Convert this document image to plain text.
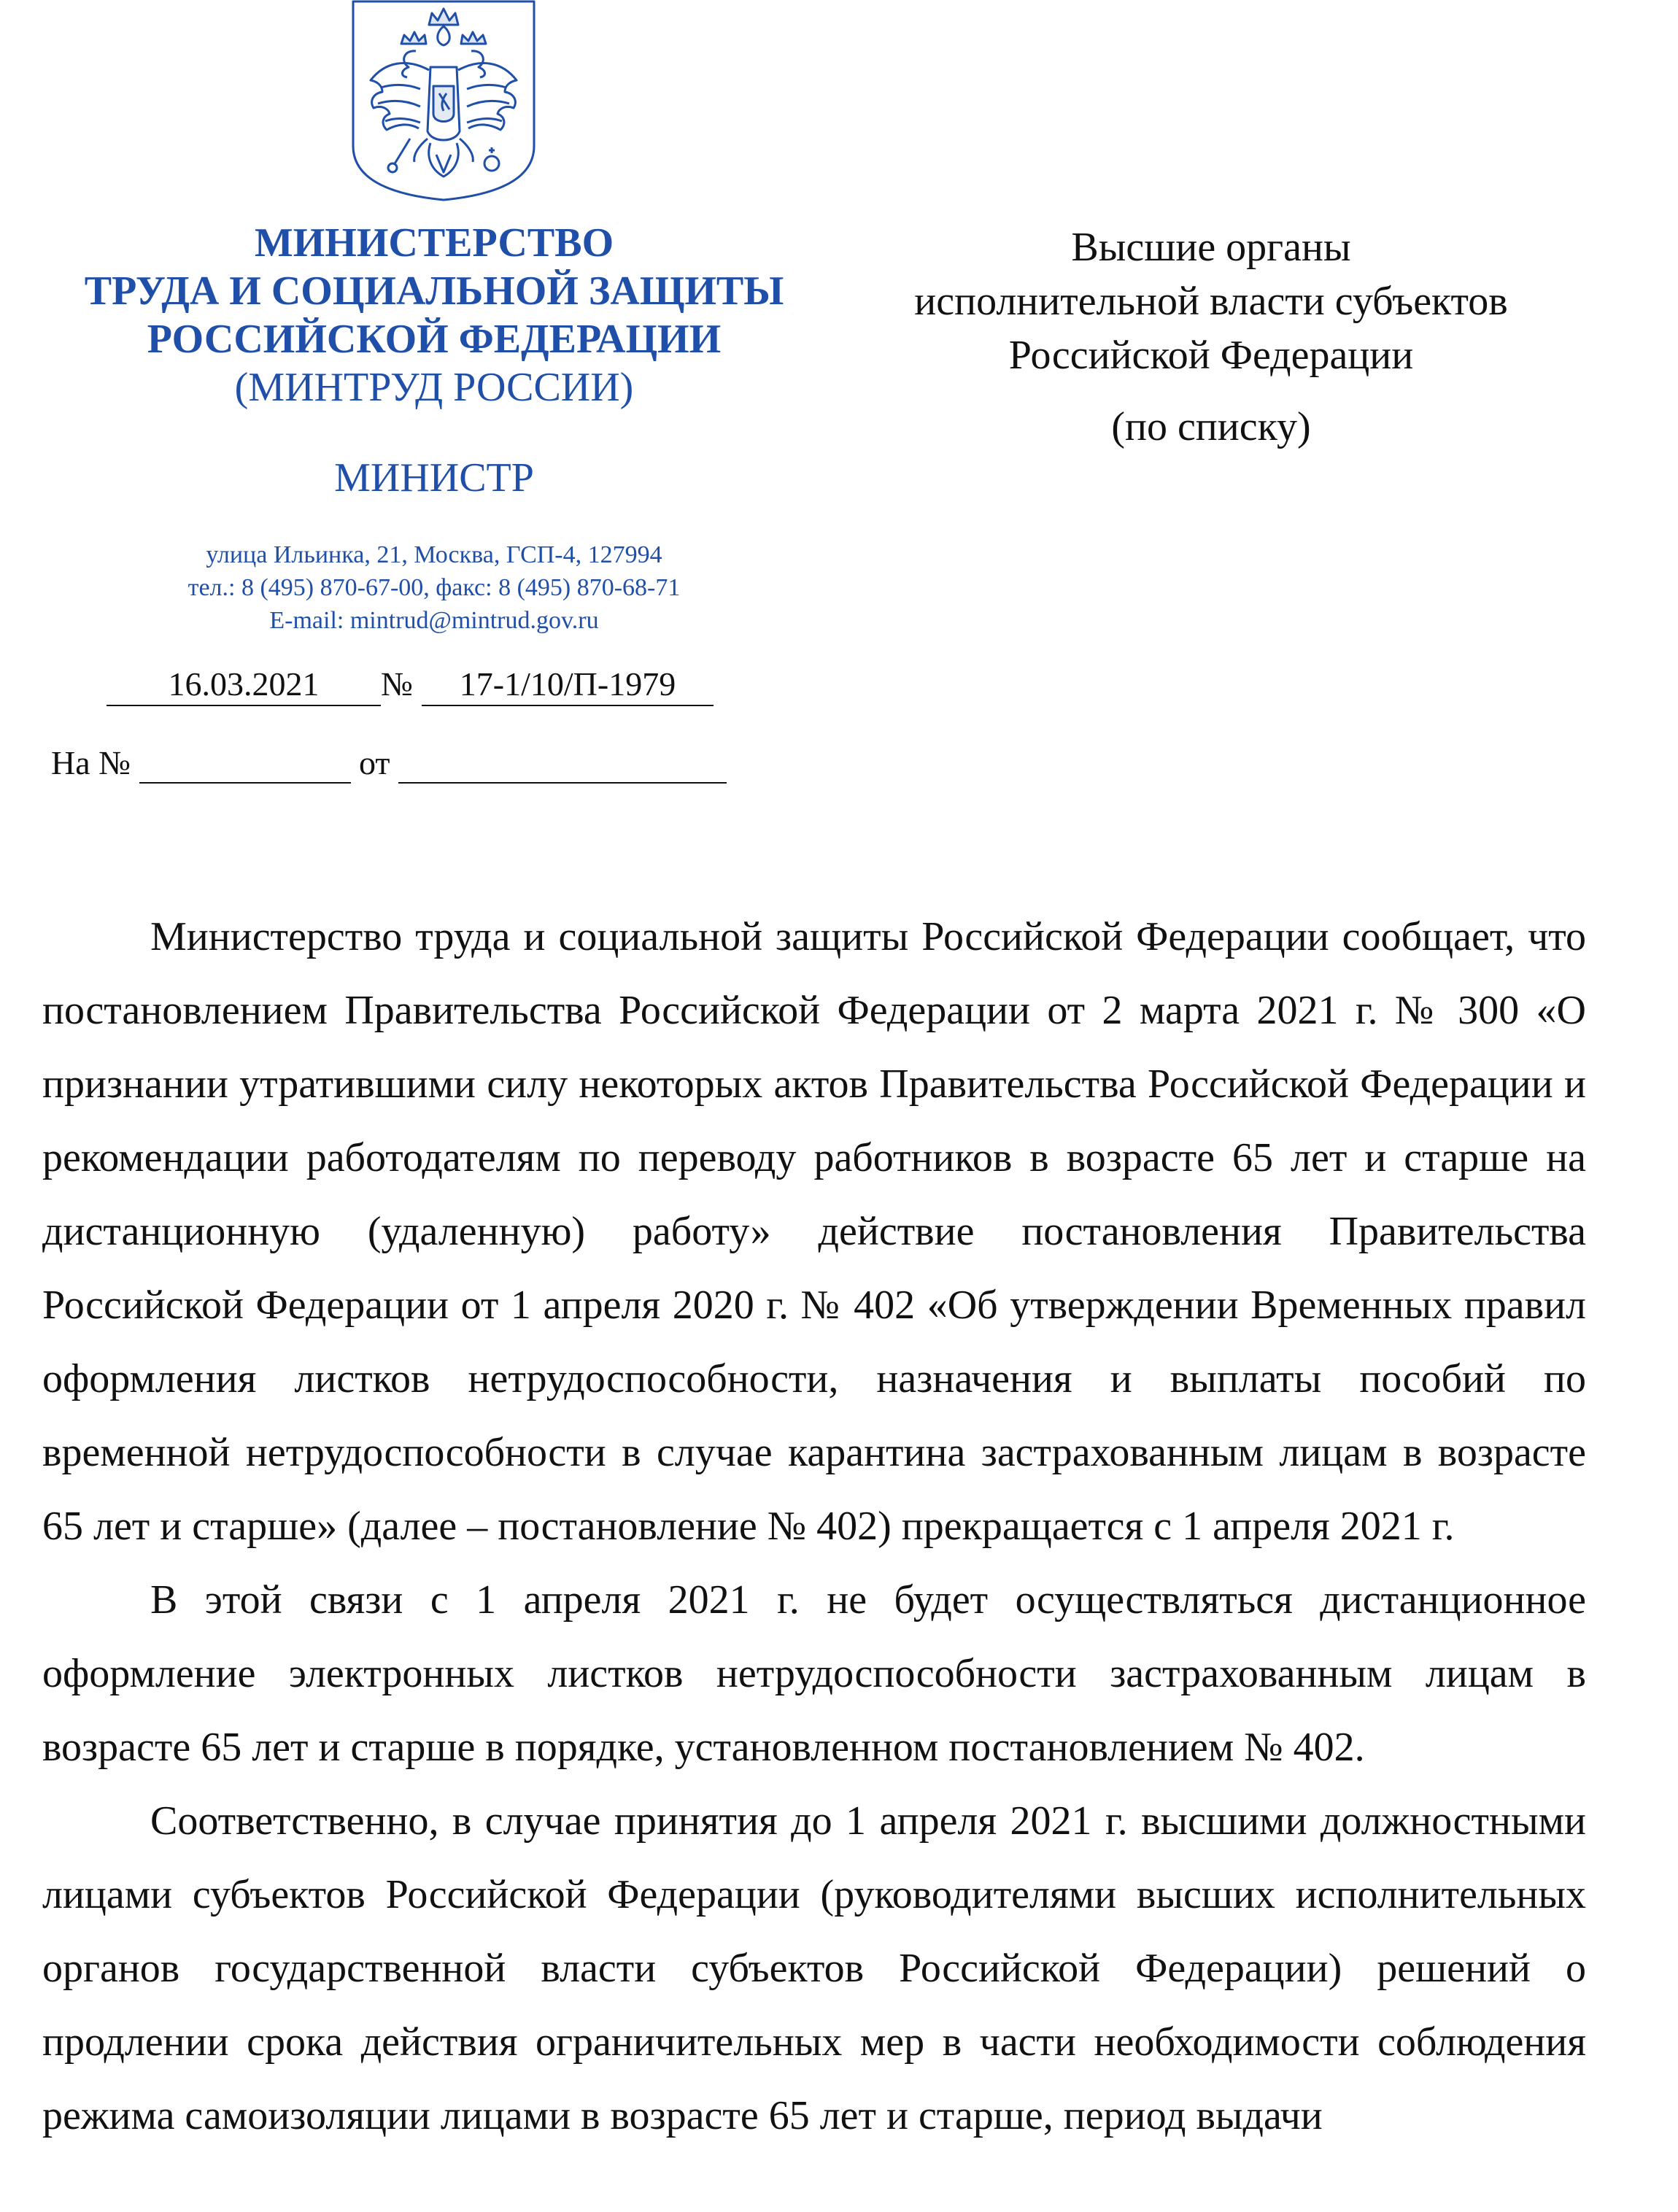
МИНИСТЕРСТВО
ТРУДА И СОЦИАЛЬНОЙ ЗАЩИТЫ
РОССИЙСКОЙ ФЕДЕРАЦИИ
(МИНТРУД РОССИИ)
МИНИСТР
улица Ильинка, 21, Москва, ГСП-4, 127994
тел.: 8 (495) 870-67-00, факс: 8 (495) 870-68-71
E-mail: mintrud@mintrud.gov.ru
16.03.2021 № 17-1/10/П-1979
На №	от
Высшие органы
исполнительной власти субъектов
Российской Федерации
(по списку)

Министерство труда и социальной защиты Российской Федерации сообщает, что постановлением Правительства Российской Федерации от 2 марта 2021 г. № 300 «О признании утратившими силу некоторых актов Правительства Российской Федерации и рекомендации работодателям по переводу работников в возрасте 65 лет и старше на дистанционную (удаленную) работу» действие постановления Правительства Российской Федерации от 1 апреля 2020 г. № 402 «Об утверждении Временных правил оформления листков нетрудоспособности, назначения и выплаты пособий по временной нетрудоспособности в случае карантина застрахованным лицам в возрасте 65 лет и старше» (далее – постановление № 402) прекращается с 1 апреля 2021 г.

В этой связи с 1 апреля 2021 г. не будет осуществляться дистанционное оформление электронных листков нетрудоспособности застрахованным лицам в возрасте 65 лет и старше в порядке, установленном постановлением № 402.

Соответственно, в случае принятия до 1 апреля 2021 г. высшими должностными лицами субъектов Российской Федерации (руководителями высших исполнительных органов государственной власти субъектов Российской Федерации) решений о продлении срока действия ограничительных мер в части необходимости соблюдения режима самоизоляции лицами в возрасте 65 лет и старше, период выдачи
